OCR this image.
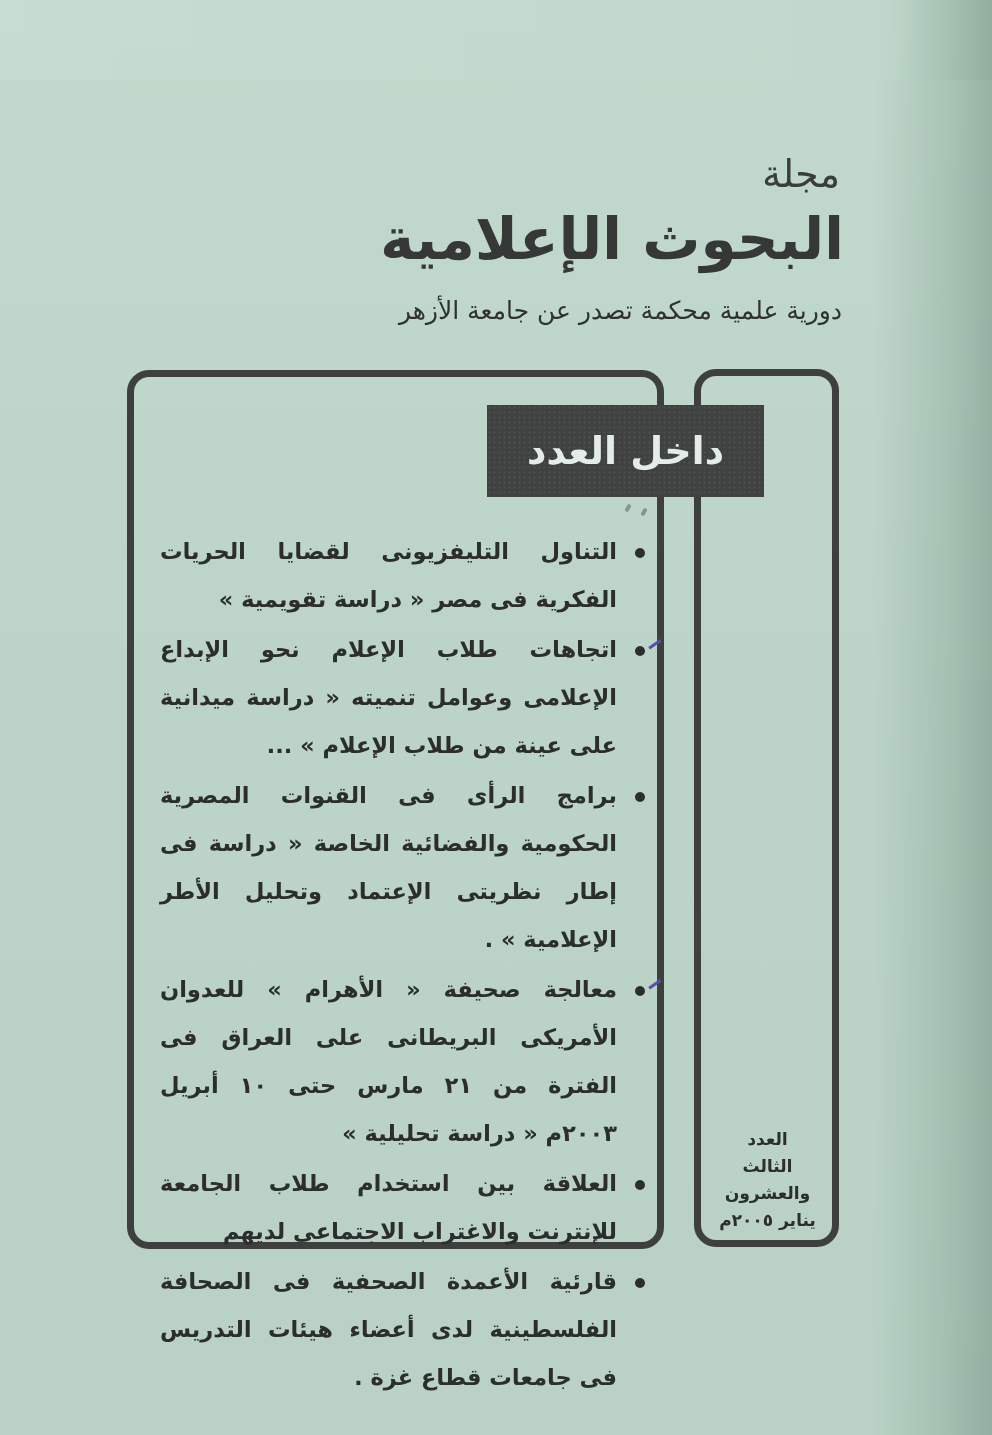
مجلة
البحوث الإعلامية
دورية علمية محكمة تصدر عن جامعة الأزهر
داخل العدد
التناول التليفزيونى لقضايا الحريات الفكرية فى مصر « دراسة تقويمية »
اتجاهات طلاب الإعلام نحو الإبداع الإعلامى وعوامل تنميته « دراسة ميدانية على عينة من طلاب الإعلام » ...
برامج الرأى فى القنوات المصرية الحكومية والفضائية الخاصة « دراسة فى إطار نظريتى الإعتماد وتحليل الأطر الإعلامية » .
معالجة صحيفة « الأهرام » للعدوان الأمريكى البريطانى على العراق فى الفترة من ٢١ مارس حتى ١٠ أبريل ٢٠٠٣م « دراسة تحليلية »
العلاقة بين استخدام طلاب الجامعة للإنترنت والاغتراب الاجتماعى لديهم
قارئية الأعمدة الصحفية فى الصحافة الفلسطينية لدى أعضاء هيئات التدريس فى جامعات قطاع غزة .
العدد
الثالث والعشرون
يناير ٢٠٠٥م
